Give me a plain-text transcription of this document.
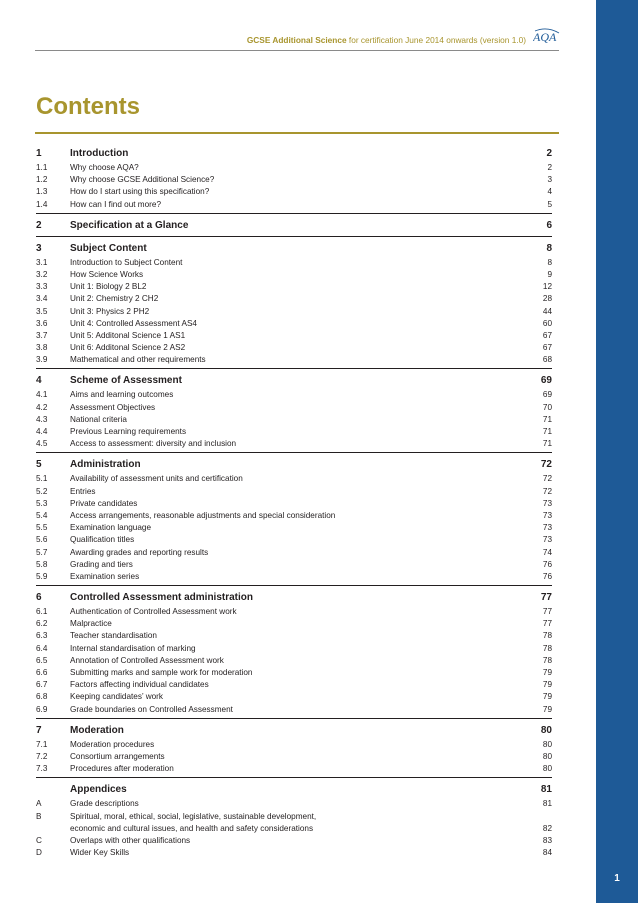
GCSE Additional Science for certification June 2014 onwards (version 1.0) AQA
1
Contents
1	Introduction	2
1.1	Why choose AQA?	2
1.2	Why choose GCSE Additional Science?	3
1.3	How do I start using this specification?	4
1.4	How can I find out more?	5
2	Specification at a Glance	6
3	Subject Content	8
3.1	Introduction to Subject Content	8
3.2	How Science Works	9
3.3	Unit 1: Biology 2 BL2	12
3.4	Unit 2: Chemistry 2 CH2	28
3.5	Unit 3: Physics 2 PH2	44
3.6	Unit 4: Controlled Assessment AS4	60
3.7	Unit 5: Additonal Science 1 AS1	67
3.8	Unit 6: Additonal Science 2 AS2	67
3.9	Mathematical and other requirements	68
4	Scheme of Assessment	69
4.1	Aims and learning outcomes	69
4.2	Assessment Objectives	70
4.3	National criteria	71
4.4	Previous Learning requirements	71
4.5	Access to assessment: diversity and inclusion	71
5	Administration	72
5.1	Availability of assessment units and certification	72
5.2	Entries	72
5.3	Private candidates	73
5.4	Access arrangements, reasonable adjustments and special consideration	73
5.5	Examination language	73
5.6	Qualification titles	73
5.7	Awarding grades and reporting results	74
5.8	Grading and tiers	76
5.9	Examination series	76
6	Controlled Assessment administration	77
6.1	Authentication of Controlled Assessment work	77
6.2	Malpractice	77
6.3	Teacher standardisation	78
6.4	Internal standardisation of marking	78
6.5	Annotation of Controlled Assessment work	78
6.6	Submitting marks and sample work for moderation	79
6.7	Factors affecting individual candidates	79
6.8	Keeping candidates’ work	79
6.9	Grade boundaries on Controlled Assessment	79
7	Moderation	80
7.1	Moderation procedures	80
7.2	Consortium arrangements	80
7.3	Procedures after moderation	80
Appendices	81
A	Grade descriptions	81
B	Spiritual, moral, ethical, social, legislative, sustainable development,
economic and cultural issues, and health and safety considerations	82
C	Overlaps with other qualifications	83
D	Wider Key Skills	84
